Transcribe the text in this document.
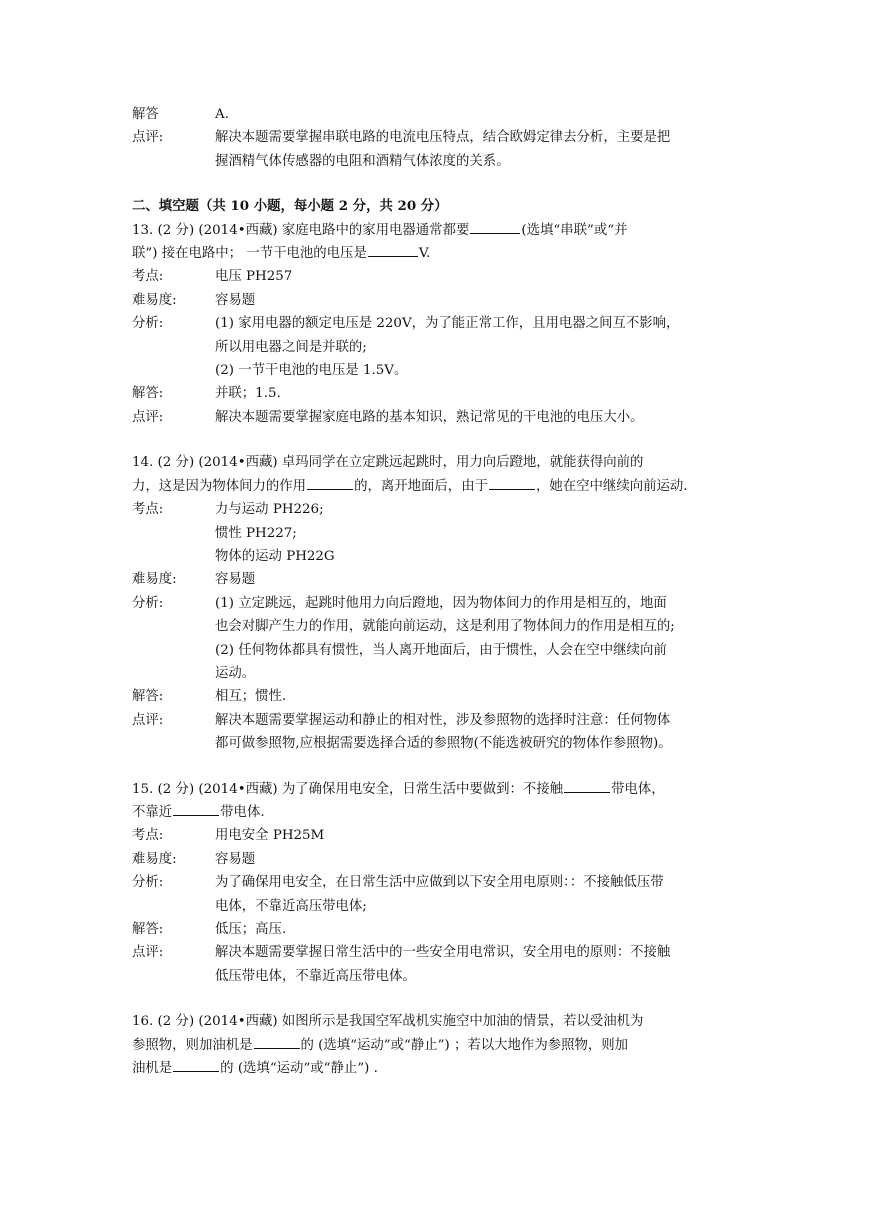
解答	A.
点评:	解决本题需要掌握串联电路的电流电压特点，结合欧姆定律去分析，主要是把
握酒精气体传感器的电阻和酒精气体浓度的关系。
二、填空题（共 10 小题，每小题 2 分，共 20 分）
13. (2 分) (2014•西藏) 家庭电路中的家用电器通常都要	(选填“串联”或“并
联”) 接在电路中； 一节干电池的电压是	V.
考点:	电压 PH257
难易度:	容易题
分析:	(1) 家用电器的额定电压是 220V，为了能正常工作，且用电器之间互不影响，
所以用电器之间是并联的;
(2) 一节干电池的电压是 1.5V。
解答:	并联；1.5.
点评:	解决本题需要掌握家庭电路的基本知识，熟记常见的干电池的电压大小。
14. (2 分) (2014•西藏) 卓玛同学在立定跳远起跳时，用力向后蹬地，就能获得向前的
力，这是因为物体间力的作用	的，离开地面后，由于	，她在空中继续向前运动.
考点:	力与运动 PH226;
惯性 PH227;
物体的运动 PH22G
难易度:	容易题
分析:	(1) 立定跳远，起跳时他用力向后蹬地，因为物体间力的作用是相互的，地面
也会对脚产生力的作用，就能向前运动，这是利用了物体间力的作用是相互的;
(2) 任何物体都具有惯性，当人离开地面后，由于惯性，人会在空中继续向前
运动。
解答:	相互；惯性.
点评:	解决本题需要掌握运动和静止的相对性，涉及参照物的选择时注意：任何物体
都可做参照物,应根据需要选择合适的参照物(不能选被研究的物体作参照物)。
15. (2 分) (2014•西藏) 为了确保用电安全，日常生活中要做到：不接触	带电体，
不靠近	带电体.
考点:	用电安全 PH25M
难易度:	容易题
分析:	为了确保用电安全，在日常生活中应做到以下安全用电原则：：不接触低压带
电体，不靠近高压带电体;
解答:	低压；高压.
点评:	解决本题需要掌握日常生活中的一些安全用电常识，安全用电的原则：不接触
低压带电体，不靠近高压带电体。
16. (2 分) (2014•西藏) 如图所示是我国空军战机实施空中加油的情景，若以受油机为
参照物，则加油机是	的 (选填“运动”或“静止”) ；若以大地作为参照物，则加
油机是	的 (选填“运动”或“静止”) .
